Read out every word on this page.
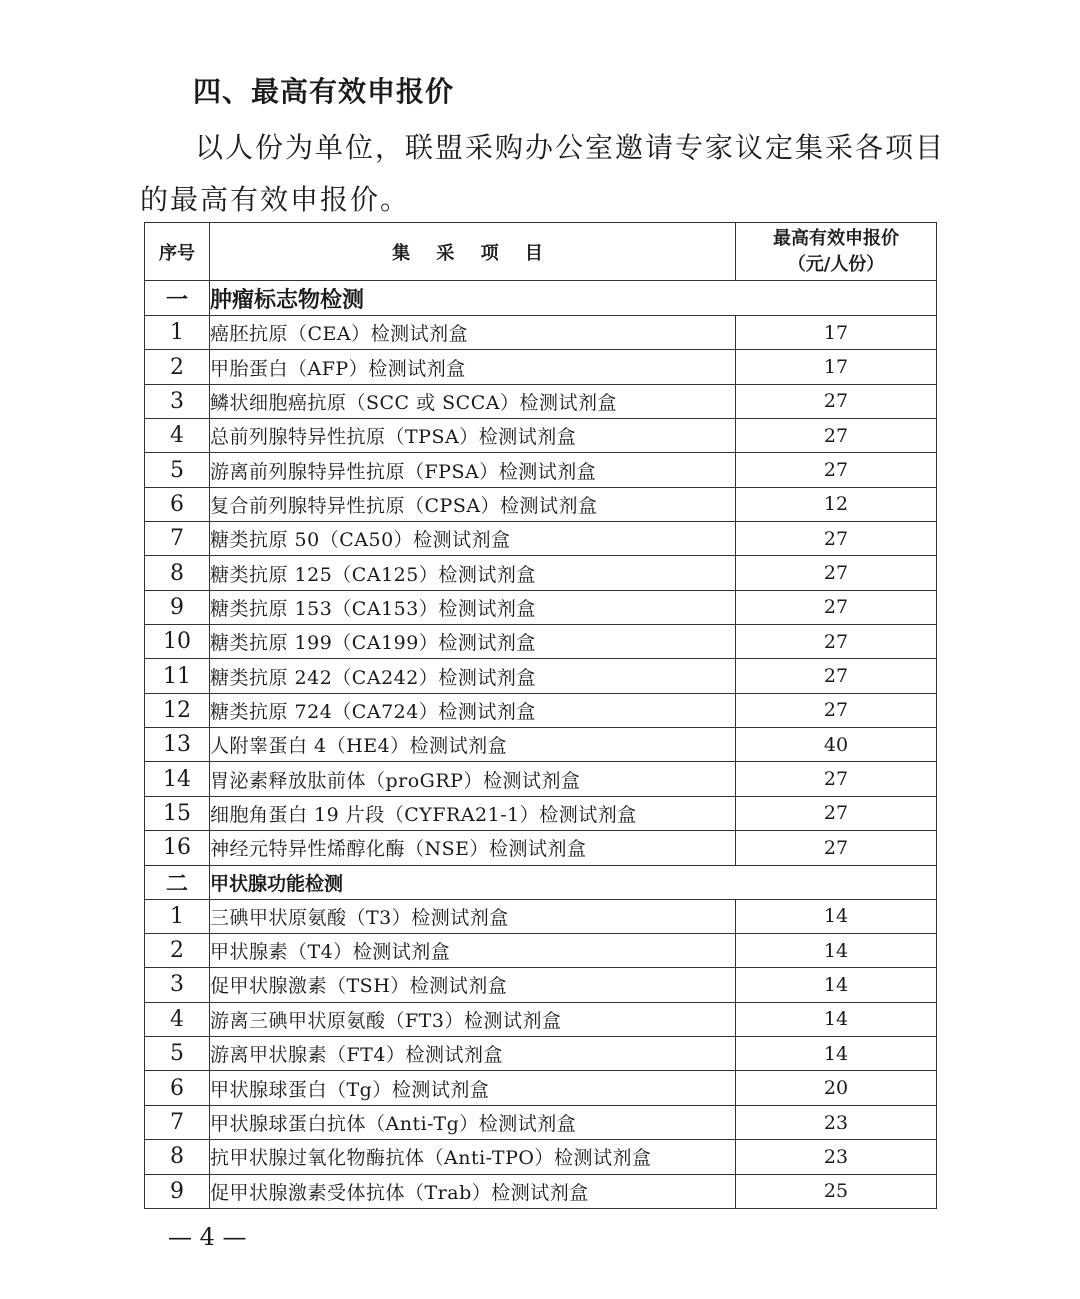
四、最高有效申报价
以人份为单位，联盟采购办公室邀请专家议定集采各项目的最高有效申报价。
序号	集 采 项 目	最高有效申报价
（元/人份）

一	肿瘤标志物检测	
1	癌胚抗原（CEA）检测试剂盒	17
2	甲胎蛋白（AFP）检测试剂盒	17
3	鳞状细胞癌抗原（SCC 或 SCCA）检测试剂盒	27
4	总前列腺特异性抗原（TPSA）检测试剂盒	27
5	游离前列腺特异性抗原（FPSA）检测试剂盒	27
6	复合前列腺特异性抗原（CPSA）检测试剂盒	12
7	糖类抗原 50（CA50）检测试剂盒	27
8	糖类抗原 125（CA125）检测试剂盒	27
9	糖类抗原 153（CA153）检测试剂盒	27
10	糖类抗原 199（CA199）检测试剂盒	27
11	糖类抗原 242（CA242）检测试剂盒	27
12	糖类抗原 724（CA724）检测试剂盒	27
13	人附睾蛋白 4（HE4）检测试剂盒	40
14	胃泌素释放肽前体（proGRP）检测试剂盒	27
15	细胞角蛋白 19 片段（CYFRA21-1）检测试剂盒	27
16	神经元特异性烯醇化酶（NSE）检测试剂盒	27
二	甲状腺功能检测	
1	三碘甲状原氨酸（T3）检测试剂盒	14
2	甲状腺素（T4）检测试剂盒	14
3	促甲状腺激素（TSH）检测试剂盒	14
4	游离三碘甲状原氨酸（FT3）检测试剂盒	14
5	游离甲状腺素（FT4）检测试剂盒	14
6	甲状腺球蛋白（Tg）检测试剂盒	20
7	甲状腺球蛋白抗体（Anti-Tg）检测试剂盒	23
8	抗甲状腺过氧化物酶抗体（Anti-TPO）检测试剂盒	23
9	促甲状腺激素受体抗体（Trab）检测试剂盒	25
— 4 —
